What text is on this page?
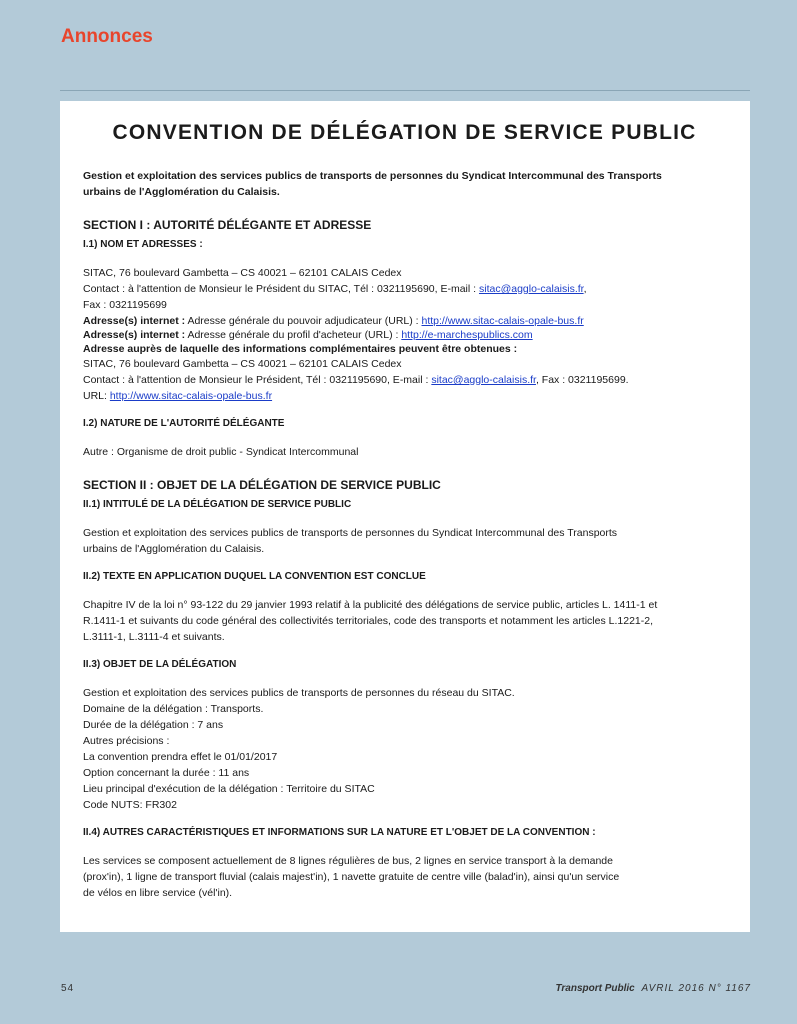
Annonces
CONVENTION DE DÉLÉGATION DE SERVICE PUBLIC
Gestion et exploitation des services publics de transports de personnes du Syndicat Intercommunal des Transports
urbains de l'Agglomération du Calaisis.
SECTION I : AUTORITÉ DÉLÉGANTE ET ADRESSE
I.1) NOM ET ADRESSES :
SITAC, 76 boulevard Gambetta – CS 40021 – 62101 CALAIS Cedex
Contact : à l'attention de Monsieur le Président du SITAC, Tél : 0321195690, E-mail : sitac@agglo-calaisis.fr,
Fax : 0321195699
Adresse(s) internet : Adresse générale du pouvoir adjudicateur (URL) : http://www.sitac-calais-opale-bus.fr
Adresse(s) internet : Adresse générale du profil d'acheteur (URL) : http://e-marchespublics.com
Adresse auprès de laquelle des informations complémentaires peuvent être obtenues :
SITAC, 76 boulevard Gambetta – CS 40021 – 62101 CALAIS Cedex
Contact : à l'attention de Monsieur le Président, Tél : 0321195690, E-mail : sitac@agglo-calaisis.fr, Fax : 0321195699.
URL: http://www.sitac-calais-opale-bus.fr
I.2) NATURE DE L'AUTORITÉ DÉLÉGANTE
Autre : Organisme de droit public - Syndicat Intercommunal
SECTION II : OBJET DE LA DÉLÉGATION DE SERVICE PUBLIC
II.1) INTITULÉ DE LA DÉLÉGATION DE SERVICE PUBLIC
Gestion et exploitation des services publics de transports de personnes du Syndicat Intercommunal des Transports
urbains de l'Agglomération du Calaisis.
II.2) TEXTE EN APPLICATION DUQUEL LA CONVENTION EST CONCLUE
Chapitre IV de la loi n° 93-122 du 29 janvier 1993 relatif à la publicité des délégations de service public, articles L. 1411-1 et
R.1411-1 et suivants du code général des collectivités territoriales, code des transports et notamment les articles L.1221-2,
L.3111-1, L.3111-4 et suivants.
II.3) OBJET DE LA DÉLÉGATION
Gestion et exploitation des services publics de transports de personnes du réseau du SITAC.
Domaine de la délégation : Transports.
Durée de la délégation : 7 ans
Autres précisions :
La convention prendra effet le 01/01/2017
Option concernant la durée : 11 ans
Lieu principal d'exécution de la délégation : Territoire du SITAC
Code NUTS: FR302
II.4) AUTRES CARACTÉRISTIQUES ET INFORMATIONS SUR LA NATURE ET L'OBJET DE LA CONVENTION :
Les services se composent actuellement de 8 lignes régulières de bus, 2 lignes en service transport à la demande
(prox'in), 1 ligne de transport fluvial (calais majest'in), 1 navette gratuite de centre ville (balad'in), ainsi qu'un service
de vélos en libre service (vél'in).
54	Transport Public AVRIL 2016 N° 1167
